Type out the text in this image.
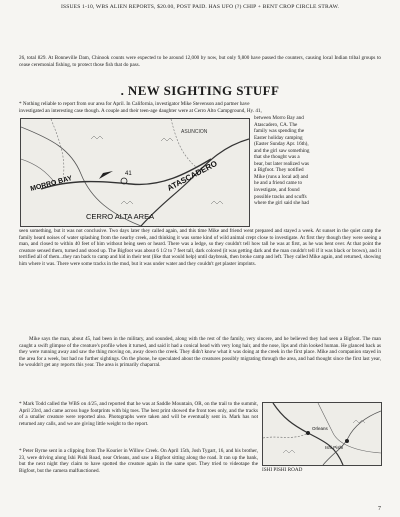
ISSUES 1-10, WBS ALIEN REPORTS, $20.00, POST PAID. HAS UFO (?) CHIP + BENT CROP CIRCLE STRAW.

26, total 829. At Bonneville Dam, Chinook counts were expected to be around 12,000 by now, but only 9,800 have passed the counters, causing local Indian tribal groups to cease ceremonial fishing, to protect those fish that do pass.

. NEW SIGHTING STUFF

* Nothing reliable to report from our area for April. In California, investigator Mike Stevenson and partner have

investigated an interesting case though. A couple and their teen-age daughter were at Cerro Alto Campground, Hy. 41,

41	ATASCADERO
MORRO BAY
ASUNCION
CERRO ALTA AREA
between Morro Bay and
Atascadero, CA. The
family was spending the
Easter holiday camping
(Easter Sunday Apr. 16th),
and the girl saw something
that she thought was a
bear, but later realized was
a Bigfoot. They notified
Mike (runs a local ad) and
he and a friend came to
investigate, and found
possible tracks and scuffs
where the girl said she had

seen something, but it was not conclusive. Two days later they called again, and this time Mike and friend went prepared and stayed a week. At sunset in the quiet camp the family heard noises of water splashing from the nearby creek, and thinking it was some kind of wild animal crept close to investigate. At first they though they were seeing a man, and closed to within 40 feet of him without being seen or heard. There was a ledge, so they couldn't tell how tall he was at first, as he was bent over. At that point the creature sensed them, turned and stood up. The Bigfoot was about 6 1/2 to 7 feet tall, dark colored (it was getting dark and the man couldn't tell if it was black or brown), and it terrified all of them...they ran back to camp and hid in their tent (like that would help) until daybreak, then broke camp and left. They called Mike again, and returned, showing him where it was. There were some tracks in the mud, but it was under water and they couldn't get plaster imprints.

Mike says the man, about 45, had been in the military, and sounded, along with the rest of the family, very sincere, and he believed they had seen a Bigfoot. The man caught a swift glimpse of the creature's profile when it turned, and said it had a conical head with very long hair, and the nose, lips and chin looked human. He glanced back as they were running away and saw the thing moving on, away down the creek. They didn't know what it was doing at the creek in the first place. Mike and companion stayed in the area for a week, but had no further sightings. On the phone, he speculated about the creatures possibly migrating through the area, and had thought since the first last year, he wouldn't get any reports this year. The area is primarily chaparral.

* Mark Todd called the WBS on 4/25, and reported that he was at Saddle Mountain, OR, on the trail to the summit, April 23rd, and came across huge footprints with big toes. The best print showed the front toes only, and the tracks of a smaller creature were reported also. Photographs were taken and will be eventually sent in. Mark has not returned any calls, and we are giving little weight to the report.

* Peter Byrne sent in a clipping from The Kourier in Willow Creek. On April 15th, Josh Tygart, 16, and his brother, 23, were driving along Ishi Pishi Road, near Orleans, and saw a Bigfoot sitting along the road. It ran up the bank, but the next night they claim to have spotted the creature again in the same spot. They tried to videotape the Bigfoot, but the camera malfunctioned.

Orleans
Ishi Pishi
ISHI PISHI ROAD
7
